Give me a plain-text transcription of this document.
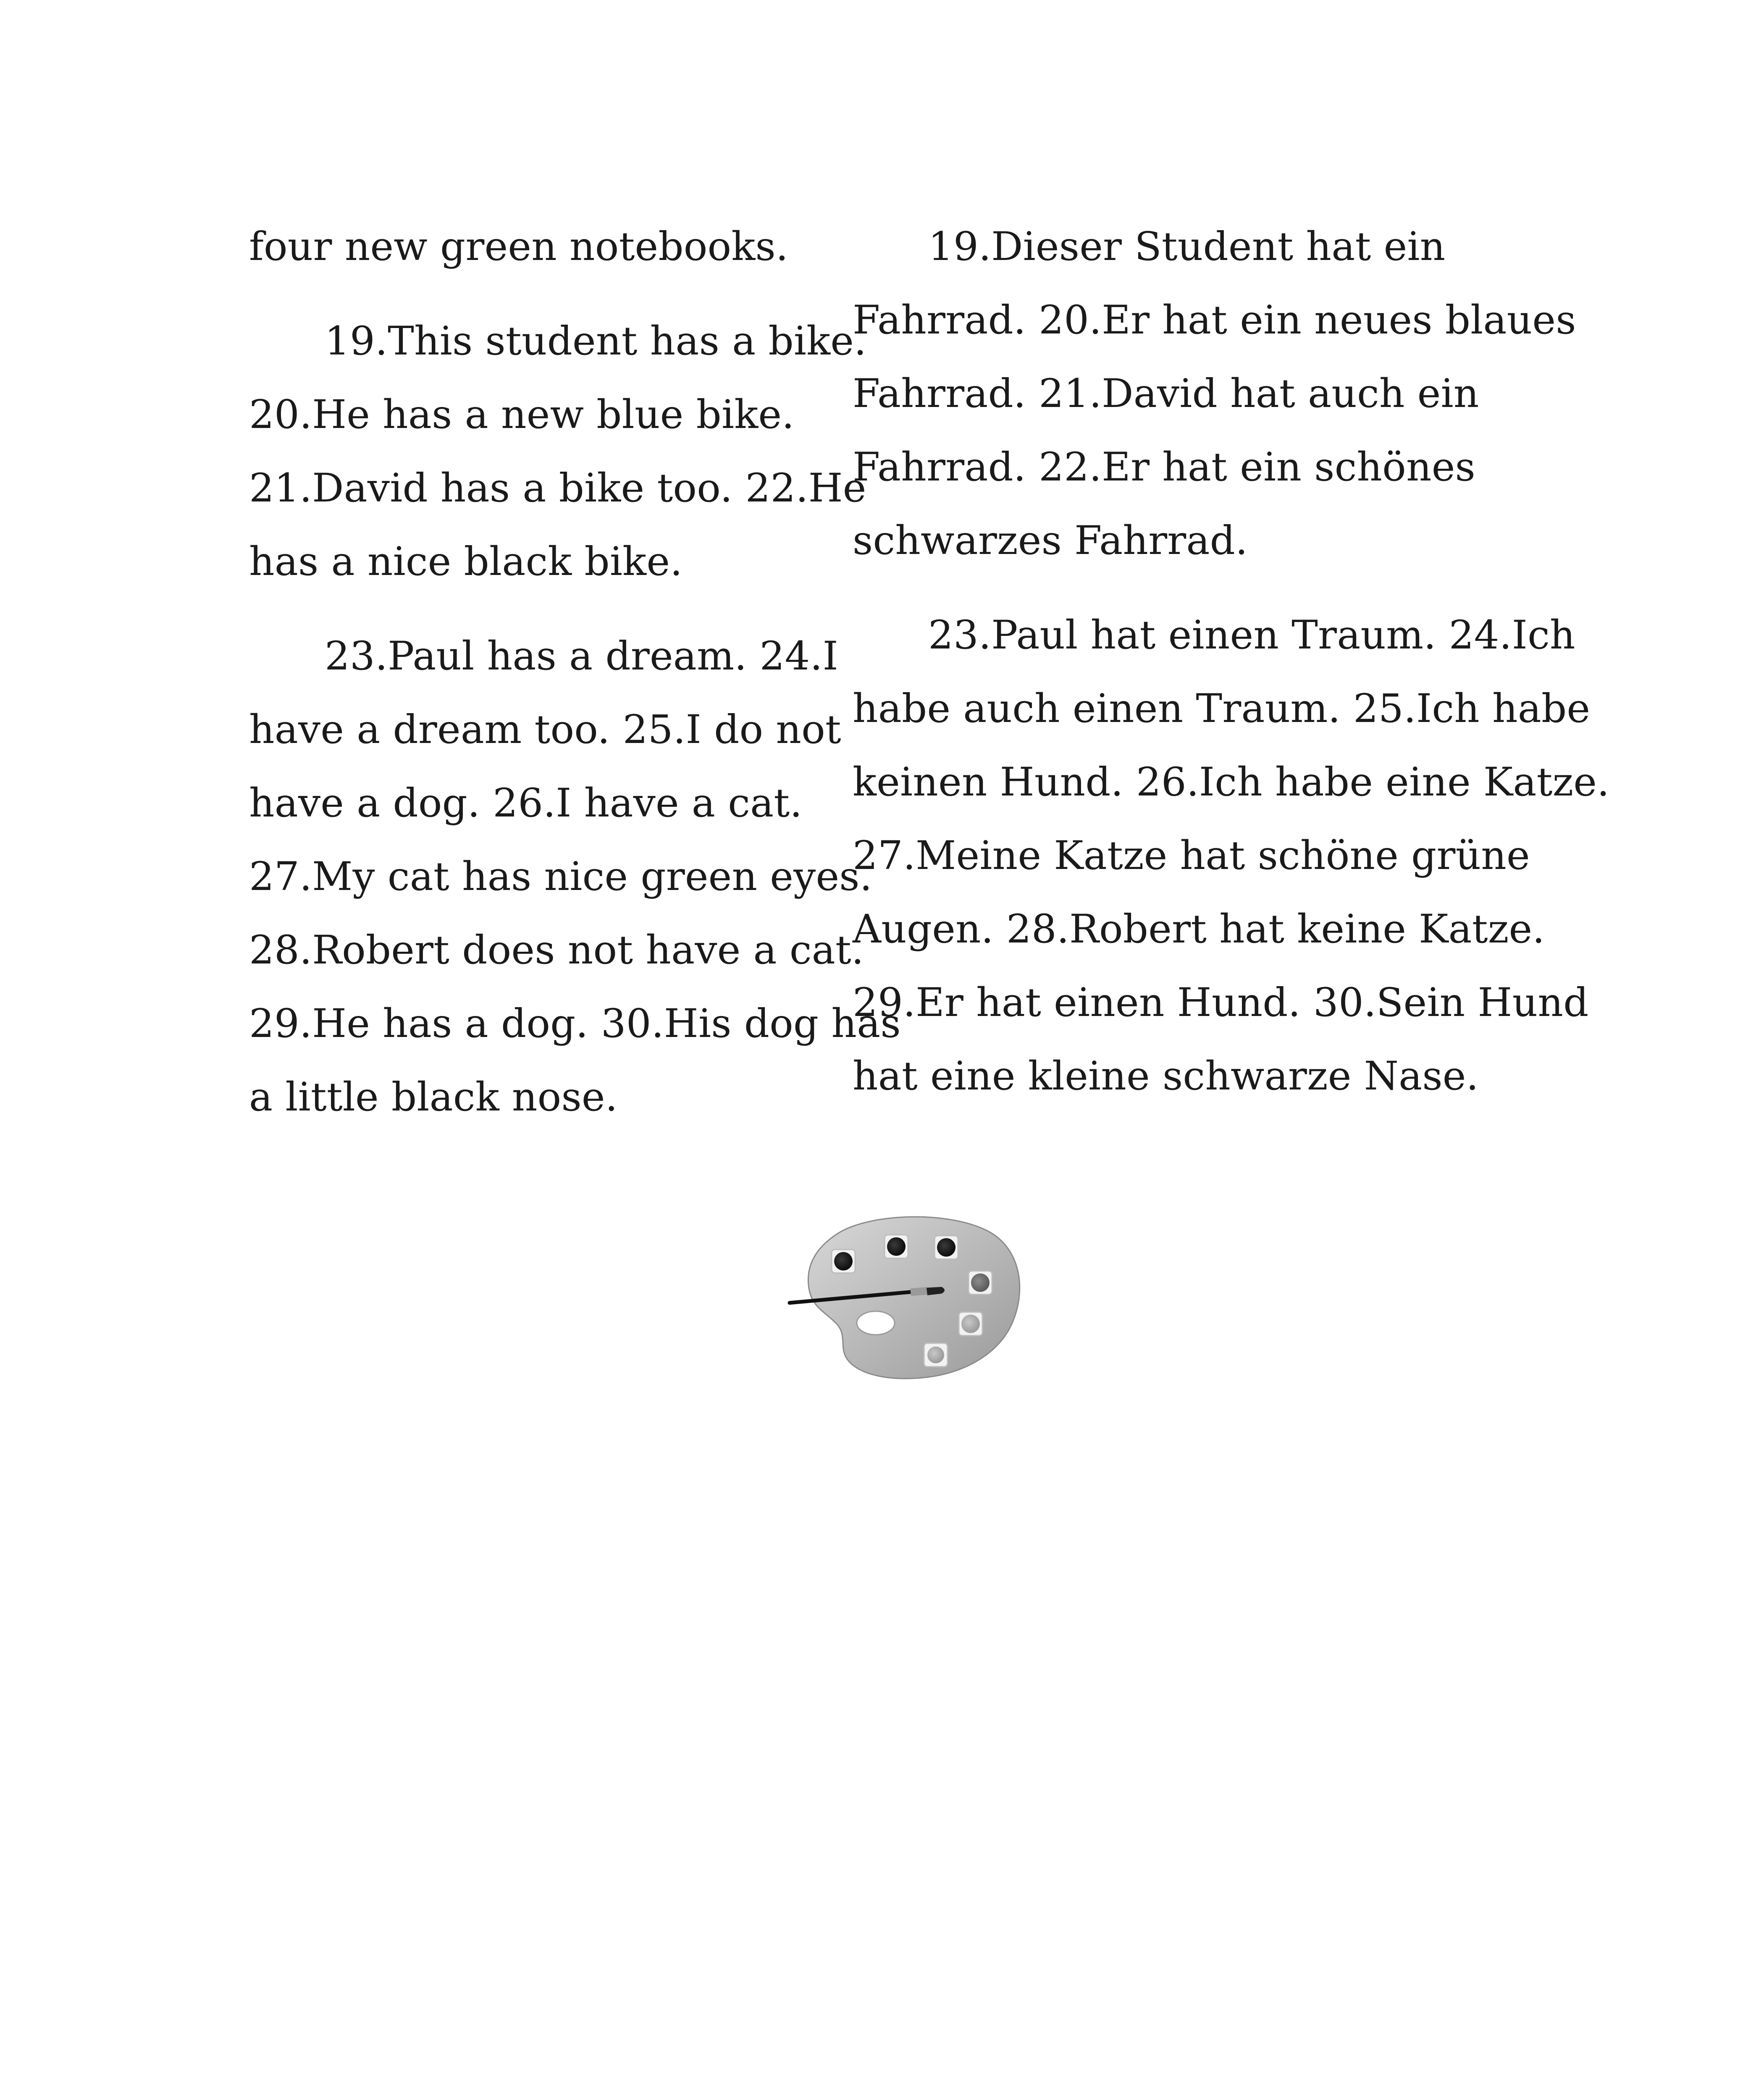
four new green notebooks.

19.This student has a bike.
20.He has a new blue bike.
21.David has a bike too. 22.He
has a nice black bike.

23.Paul has a dream. 24.I
have a dream too. 25.I do not
have a dog. 26.I have a cat.
27.My cat has nice green eyes.
28.Robert does not have a cat.
29.He has a dog. 30.His dog has
a little black nose.

19.Dieser Student hat ein
Fahrrad. 20.Er hat ein neues blaues
Fahrrad. 21.David hat auch ein
Fahrrad. 22.Er hat ein schönes
schwarzes Fahrrad.

23.Paul hat einen Traum. 24.Ich
habe auch einen Traum. 25.Ich habe
keinen Hund. 26.Ich habe eine Katze.
27.Meine Katze hat schöne grüne
Augen. 28.Robert hat keine Katze.
29.Er hat einen Hund. 30.Sein Hund
hat eine kleine schwarze Nase.
